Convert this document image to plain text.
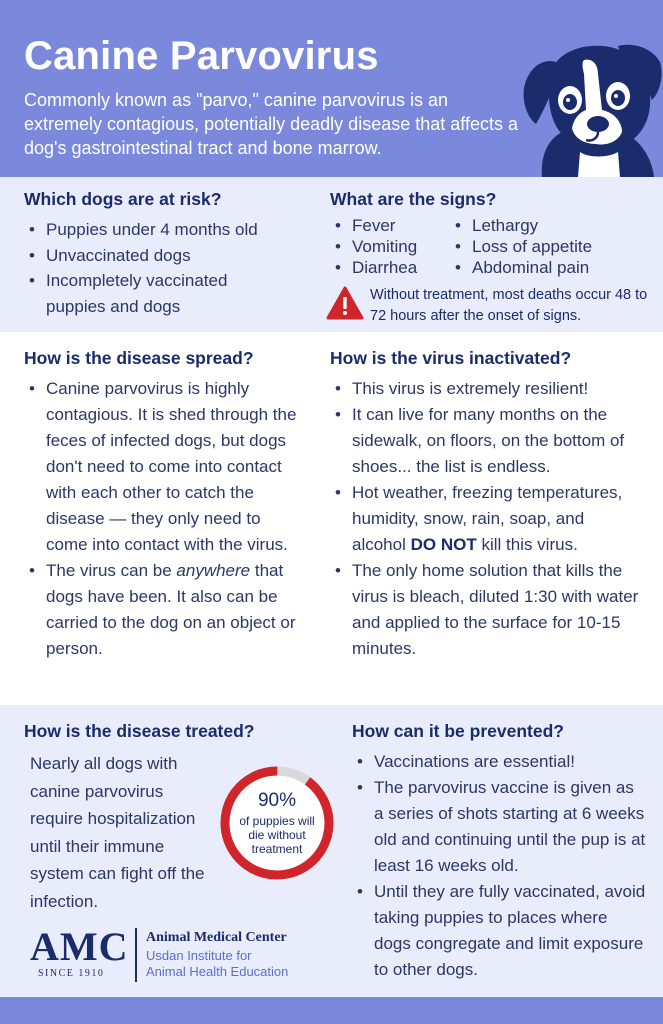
Canine Parvovirus

Commonly known as "parvo," canine parvovirus is an extremely contagious, potentially deadly disease that affects a dog's gastrointestinal tract and bone marrow.

Which dogs are at risk?
• Puppies under 4 months old
• Unvaccinated dogs
• Incompletely vaccinated puppies and dogs
What are the signs?
• Fever
• Vomiting
• Diarrhea
• Lethargy
• Loss of appetite
• Abdominal pain
Without treatment, most deaths occur 48 to 72 hours after the onset of signs.
How is the disease spread?
• Canine parvovirus is highly contagious. It is shed through the feces of infected dogs, but dogs don't need to come into contact with each other to catch the disease — they only need to come into contact with the virus.
• The virus can be anywhere that dogs have been. It also can be carried to the dog on an object or person.
How is the virus inactivated?
• This virus is extremely resilient!
• It can live for many months on the sidewalk, on floors, on the bottom of shoes... the list is endless.
• Hot weather, freezing temperatures, humidity, snow, rain, soap, and alcohol DO NOT kill this virus.
• The only home solution that kills the virus is bleach, diluted 1:30 with water and applied to the surface for 10-15 minutes.
How is the disease treated?
Nearly all dogs with canine parvovirus require hospitalization until their immune system can fight off the infection.
90%
of puppies will die without treatment
How can it be prevented?
• Vaccinations are essential!
• The parvovirus vaccine is given as a series of shots starting at 6 weeks old and continuing until the pup is at least 16 weeks old.
• Until they are fully vaccinated, avoid taking puppies to places where dogs congregate and limit exposure to other dogs.
AMC
SINCE 1910
Animal Medical Center
Usdan Institute for
Animal Health Education
